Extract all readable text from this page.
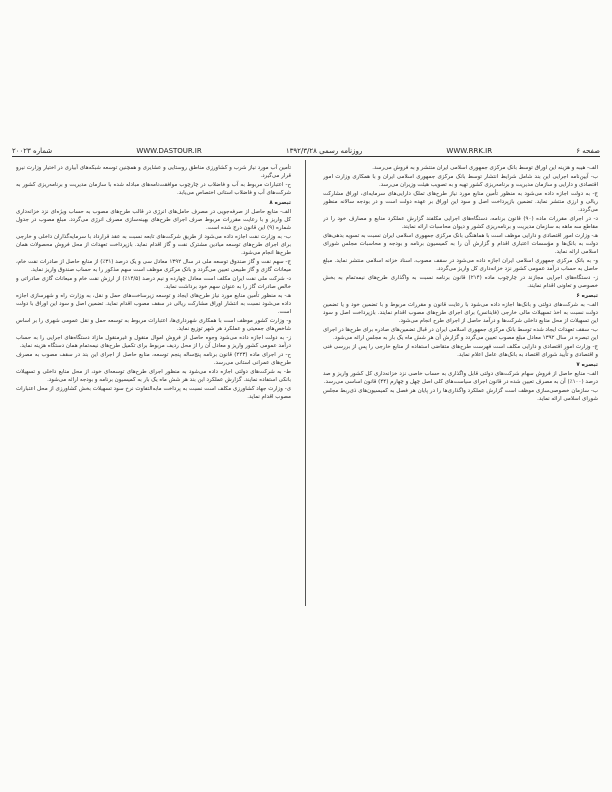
صفحه ۶
WWW.RRK.IR
روزنامه رسمی ۱۳۹۲/۳/۲۸
WWW.DASTOUR.IR
شماره ۲۰۰۲۳

الف- هیبه و هزینه این اوراق توسط بانک مرکزی جمهوری اسلامی ایران منتشر و به فروش می‌رسد.

ب- آیین‌نامه اجرایی این بند شامل شرایط انتشار توسط بانک مرکزی جمهوری اسلامی ایران و با همکاری وزارت امور اقتصادی و دارایی و سازمان مدیریت و برنامه‌ریزی کشور تهیه و به تصویب هیئت وزیران می‌رسد.

ج- به دولت اجازه داده می‌شود به منظور تأمین منابع مورد نیاز طرح‌های تملک دارایی‌های سرمایه‌ای، اوراق مشارکت ریالی و ارزی منتشر نماید. تضمین بازپرداخت اصل و سود این اوراق بر عهده دولت است و در بودجه سالانه منظور می‌گردد.

د- در اجرای مقررات ماده (۹۰) قانون برنامه، دستگاه‌های اجرایی مکلفند گزارش عملکرد منابع و مصارف خود را در مقاطع سه ماهه به سازمان مدیریت و برنامه‌ریزی کشور و دیوان محاسبات ارائه نمایند.

هـ- وزارت امور اقتصادی و دارایی موظف است با هماهنگی بانک مرکزی جمهوری اسلامی ایران نسبت به تسویه بدهی‌های دولت به بانک‌ها و مؤسسات اعتباری اقدام و گزارش آن را به کمیسیون برنامه و بودجه و محاسبات مجلس شورای اسلامی ارائه نماید.

و- به بانک مرکزی جمهوری اسلامی ایران اجازه داده می‌شود در سقف مصوب، اسناد خزانه اسلامی منتشر نماید. مبلغ حاصل به حساب درآمد عمومی کشور نزد خزانه‌داری کل واریز می‌گردد.

ز- دستگاه‌های اجرایی مجازند در چارچوب ماده (۲۱۴) قانون برنامه نسبت به واگذاری طرح‌های نیمه‌تمام به بخش خصوصی و تعاونی اقدام نمایند.

تبصره ۶

الف- به شرکت‌های دولتی و بانک‌ها اجازه داده می‌شود با رعایت قانون و مقررات مربوط و با تضمین خود و یا تضمین دولت نسبت به اخذ تسهیلات مالی خارجی (فاینانس) برای اجرای طرح‌های مصوب اقدام نمایند. بازپرداخت اصل و سود این تسهیلات از محل منابع داخلی شرکت‌ها و درآمد حاصل از اجرای طرح انجام می‌شود.

ب- سقف تعهدات ایجاد شده توسط بانک مرکزی جمهوری اسلامی ایران در قبال تضمین‌های صادره برای طرح‌ها در اجرای این تبصره در سال ۱۳۹۲ معادل مبلغ مصوب تعیین می‌گردد و گزارش آن هر شش ماه یک بار به مجلس ارائه می‌شود.

ج- وزارت امور اقتصادی و دارایی مکلف است فهرست طرح‌های متقاضی استفاده از منابع خارجی را پس از بررسی فنی و اقتصادی و تأیید شورای اقتصاد به بانک‌های عامل اعلام نماید.

تبصره ۷

الف- منابع حاصل از فروش سهام شرکت‌های دولتی قابل واگذاری به حساب خاصی نزد خزانه‌داری کل کشور واریز و صد درصد (۱۰۰٪) آن به مصرف تعیین شده در قانون اجرای سیاست‌های کلی اصل چهل و چهارم (۴۴) قانون اساسی می‌رسد.

ب- سازمان خصوصی‌سازی موظف است گزارش عملکرد واگذاری‌ها را در پایان هر فصل به کمیسیون‌های ذی‌ربط مجلس شورای اسلامی ارائه نماید.

تأمین آب مورد نیاز شرب و کشاورزی مناطق روستایی و عشایری و همچنین توسعه شبکه‌های آبیاری در اختیار وزارت نیرو قرار می‌گیرد.

ح- اعتبارات مربوط به آب و فاضلاب در چارچوب موافقت‌نامه‌های مبادله شده با سازمان مدیریت و برنامه‌ریزی کشور به شرکت‌های آب و فاضلاب استانی اختصاص می‌یابد.

تبصره ۸

الف- منابع حاصل از صرفه‌جویی در مصرف حامل‌های انرژی در قالب طرح‌های مصوب به حساب ویژه‌ای نزد خزانه‌داری کل واریز و با رعایت مقررات مربوط صرف اجرای طرح‌های بهینه‌سازی مصرف انرژی می‌گردد. مبلغ مصوب در جدول شماره (۹) این قانون درج شده است.

ب- به وزارت نفت اجازه داده می‌شود از طریق شرکت‌های تابعه نسبت به عقد قرارداد با سرمایه‌گذاران داخلی و خارجی برای اجرای طرح‌های توسعه میادین مشترک نفت و گاز اقدام نماید. بازپرداخت تعهدات از محل فروش محصولات همان طرح‌ها انجام می‌شود.

ج- سهم نفت و گاز صندوق توسعه ملی در سال ۱۳۹۲ معادل سی و یک درصد (۳۱٪) از منابع حاصل از صادرات نفت خام، میعانات گازی و گاز طبیعی تعیین می‌گردد و بانک مرکزی موظف است سهم مذکور را به حساب صندوق واریز نماید.

د- شرکت ملی نفت ایران مکلف است معادل چهارده و نیم درصد (۱۴/۵٪) از ارزش نفت خام و میعانات گازی صادراتی و خالص صادرات گاز را به عنوان سهم خود برداشت نماید.

هـ- به منظور تأمین منابع مورد نیاز طرح‌های ایجاد و توسعه زیرساخت‌های حمل و نقل، به وزارت راه و شهرسازی اجازه داده می‌شود نسبت به انتشار اوراق مشارکت ریالی در سقف مصوب اقدام نماید. تضمین اصل و سود این اوراق با دولت است.

و- وزارت کشور موظف است با همکاری شهرداری‌ها، اعتبارات مربوط به توسعه حمل و نقل عمومی شهری را بر اساس شاخص‌های جمعیتی و عملکرد هر شهر توزیع نماید.

ز- به دولت اجازه داده می‌شود وجوه حاصل از فروش اموال منقول و غیرمنقول مازاد دستگاه‌های اجرایی را به حساب درآمد عمومی کشور واریز و معادل آن را از محل ردیف مربوط برای تکمیل طرح‌های نیمه‌تمام همان دستگاه هزینه نماید.

ح- در اجرای ماده (۲۲۳) قانون برنامه پنج‌ساله پنجم توسعه، منابع حاصل از اجرای این بند در سقف مصوب به مصرف طرح‌های عمرانی استانی می‌رسد.

ط- به شرکت‌های دولتی اجازه داده می‌شود به منظور اجرای طرح‌های توسعه‌ای خود، از محل منابع داخلی و تسهیلات بانکی استفاده نمایند. گزارش عملکرد این بند هر شش ماه یک بار به کمیسیون برنامه و بودجه ارائه می‌شود.

ی- وزارت جهاد کشاورزی مکلف است نسبت به پرداخت مابه‌التفاوت نرخ سود تسهیلات بخش کشاورزی از محل اعتبارات مصوب اقدام نماید.
